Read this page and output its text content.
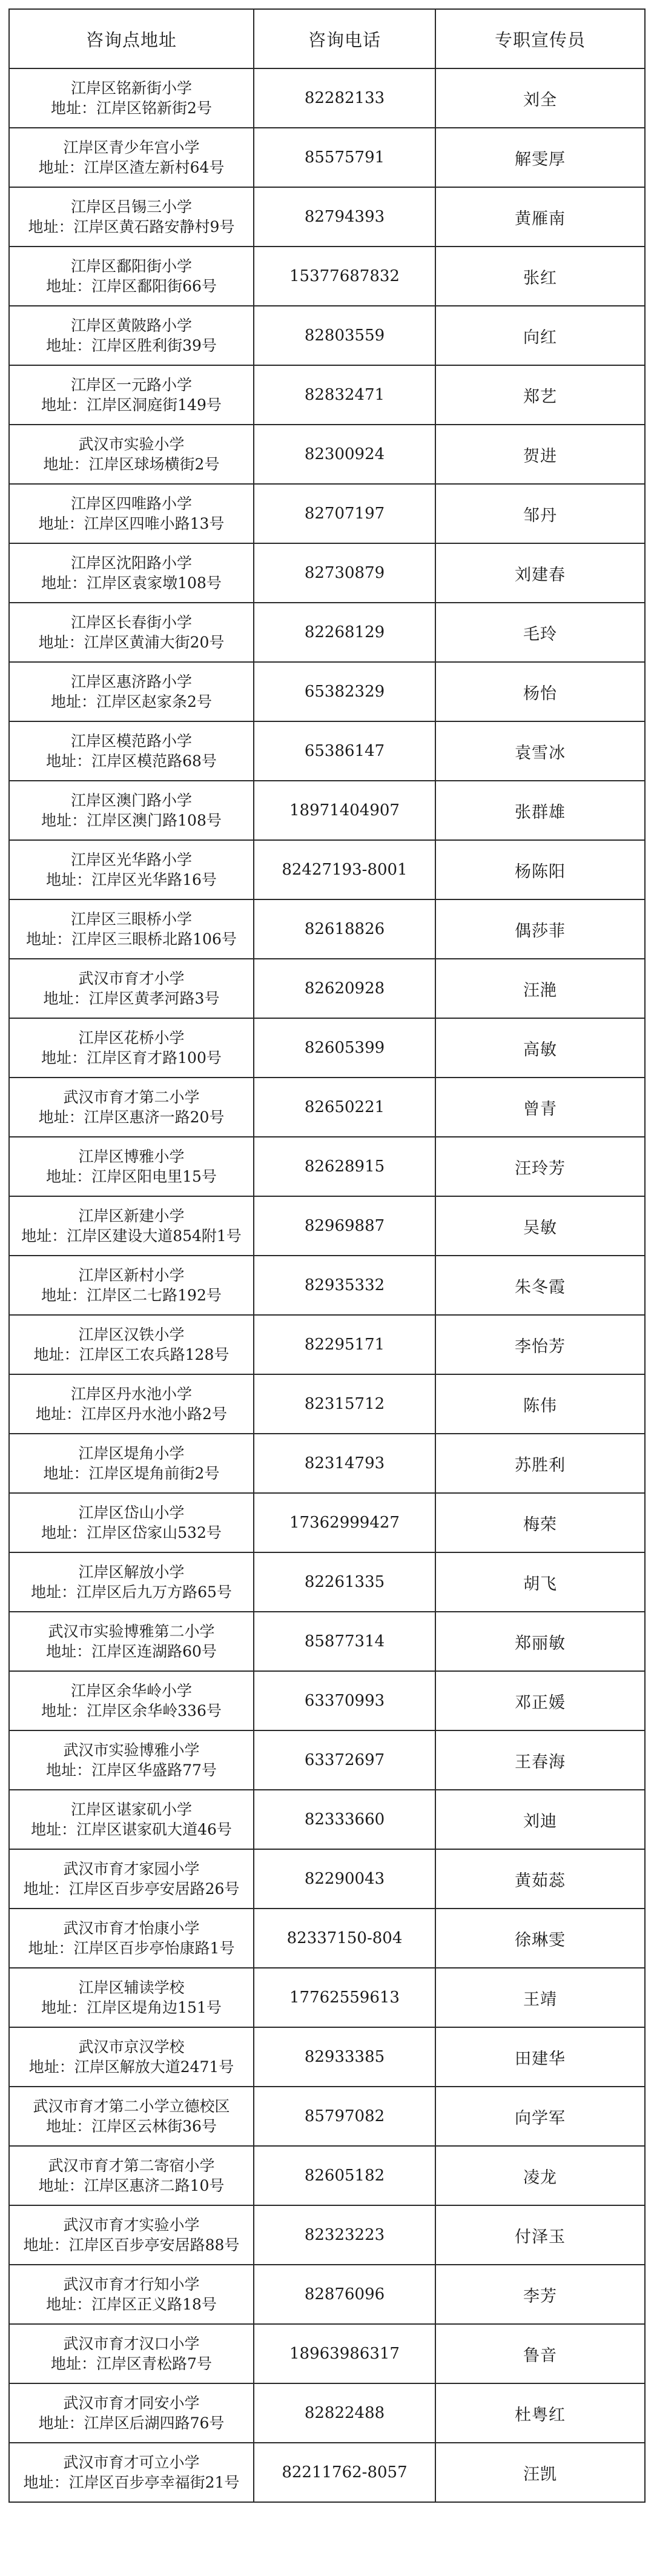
咨询点地址	咨询电话	专职宣传员

江岸区铭新街小学
地址：江岸区铭新街2号	82282133	刘全

江岸区青少年宫小学
地址：江岸区渣左新村64号	85575791	解雯厚

江岸区吕锡三小学
地址：江岸区黄石路安静村9号	82794393	黄雁南

江岸区鄱阳街小学
地址：江岸区鄱阳街66号	15377687832	张红

江岸区黄陂路小学
地址：江岸区胜利街39号	82803559	向红

江岸区一元路小学
地址：江岸区洞庭街149号	82832471	郑艺

武汉市实验小学
地址：江岸区球场横街2号	82300924	贺进

江岸区四唯路小学
地址：江岸区四唯小路13号	82707197	邹丹

江岸区沈阳路小学
地址：江岸区袁家墩108号	82730879	刘建春

江岸区长春街小学
地址：江岸区黄浦大街20号	82268129	毛玲

江岸区惠济路小学
地址：江岸区赵家条2号	65382329	杨怡

江岸区模范路小学
地址：江岸区模范路68号	65386147	袁雪冰

江岸区澳门路小学
地址：江岸区澳门路108号	18971404907	张群雄

江岸区光华路小学
地址：江岸区光华路16号	82427193-8001	杨陈阳

江岸区三眼桥小学
地址：江岸区三眼桥北路106号	82618826	偶莎菲

武汉市育才小学
地址：江岸区黄孝河路3号	82620928	汪滟

江岸区花桥小学
地址：江岸区育才路100号	82605399	高敏

武汉市育才第二小学
地址：江岸区惠济一路20号	82650221	曾青

江岸区博雅小学
地址：江岸区阳电里15号	82628915	汪玲芳

江岸区新建小学
地址：江岸区建设大道854附1号	82969887	吴敏

江岸区新村小学
地址：江岸区二七路192号	82935332	朱冬霞

江岸区汉铁小学
地址：江岸区工农兵路128号	82295171	李怡芳

江岸区丹水池小学
地址：江岸区丹水池小路2号	82315712	陈伟

江岸区堤角小学
地址：江岸区堤角前街2号	82314793	苏胜利

江岸区岱山小学
地址：江岸区岱家山532号	17362999427	梅荣

江岸区解放小学
地址：江岸区后九万方路65号	82261335	胡飞

武汉市实验博雅第二小学
地址：江岸区连湖路60号	85877314	郑丽敏

江岸区余华岭小学
地址：江岸区余华岭336号	63370993	邓正媛

武汉市实验博雅小学
地址：江岸区华盛路77号	63372697	王春海

江岸区谌家矶小学
地址：江岸区谌家矶大道46号	82333660	刘迪

武汉市育才家园小学
地址：江岸区百步亭安居路26号	82290043	黄茹蕊

武汉市育才怡康小学
地址：江岸区百步亭怡康路1号	82337150-804	徐琳雯

江岸区辅读学校
地址：江岸区堤角边151号	17762559613	王靖

武汉市京汉学校
地址：江岸区解放大道2471号	82933385	田建华

武汉市育才第二小学立德校区
地址：江岸区云林街36号	85797082	向学军

武汉市育才第二寄宿小学
地址：江岸区惠济二路10号	82605182	凌龙

武汉市育才实验小学
地址：江岸区百步亭安居路88号	82323223	付泽玉

武汉市育才行知小学
地址：江岸区正义路18号	82876096	李芳

武汉市育才汉口小学
地址：江岸区青松路7号	18963986317	鲁音

武汉市育才同安小学
地址：江岸区后湖四路76号	82822488	杜粤红

武汉市育才可立小学
地址：江岸区百步亭幸福街21号	82211762-8057	汪凯
